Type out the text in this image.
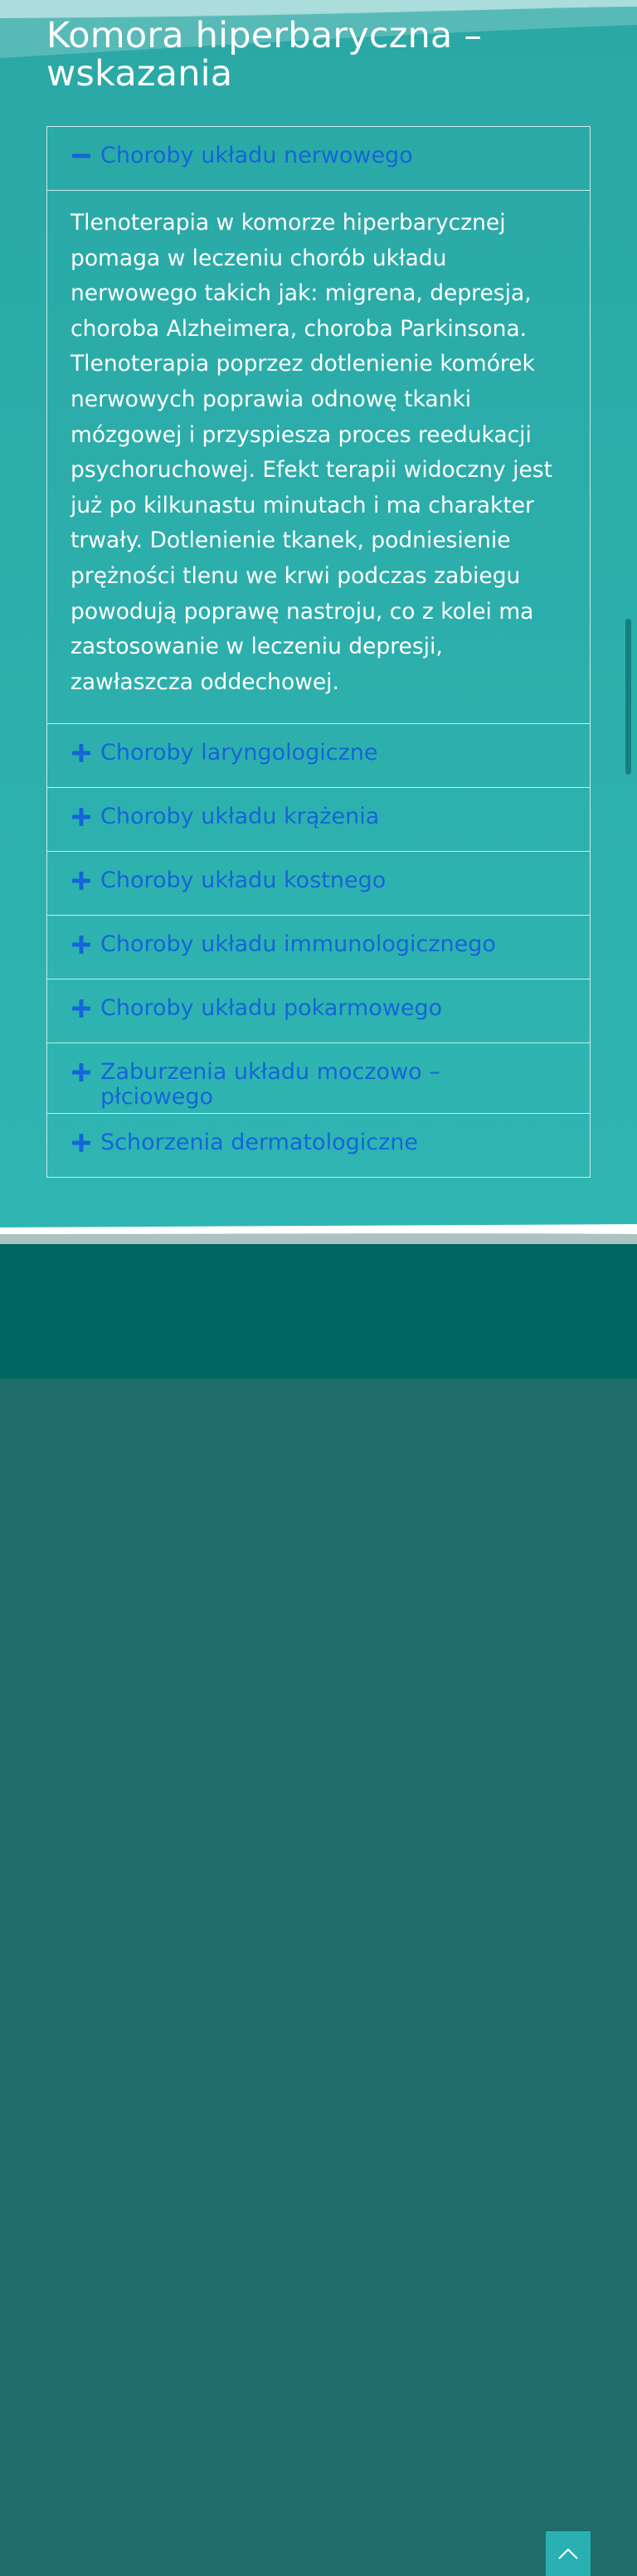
Komora hiperbaryczna –
wskazania
Choroby układu nerwowego
Tlenoterapia w komorze hiperbarycznej pomaga w leczeniu chorób układu nerwowego takich jak: migrena, depresja, choroba Alzheimera, choroba Parkinsona. Tlenoterapia poprzez dotlenienie komórek nerwowych poprawia odnowę tkanki mózgowej i przyspiesza proces reedukacji psychoruchowej. Efekt terapii widoczny jest już po kilkunastu minutach i ma charakter trwały. Dotlenienie tkanek, podniesienie prężności tlenu we krwi podczas zabiegu powodują poprawę nastroju, co z kolei ma zastosowanie w leczeniu depresji, zawłaszcza oddechowej.
Choroby laryngologiczne
Choroby układu krążenia
Choroby układu kostnego
Choroby układu immunologicznego
Choroby układu pokarmowego
Zaburzenia układu moczowo – płciowego
Schorzenia dermatologiczne
